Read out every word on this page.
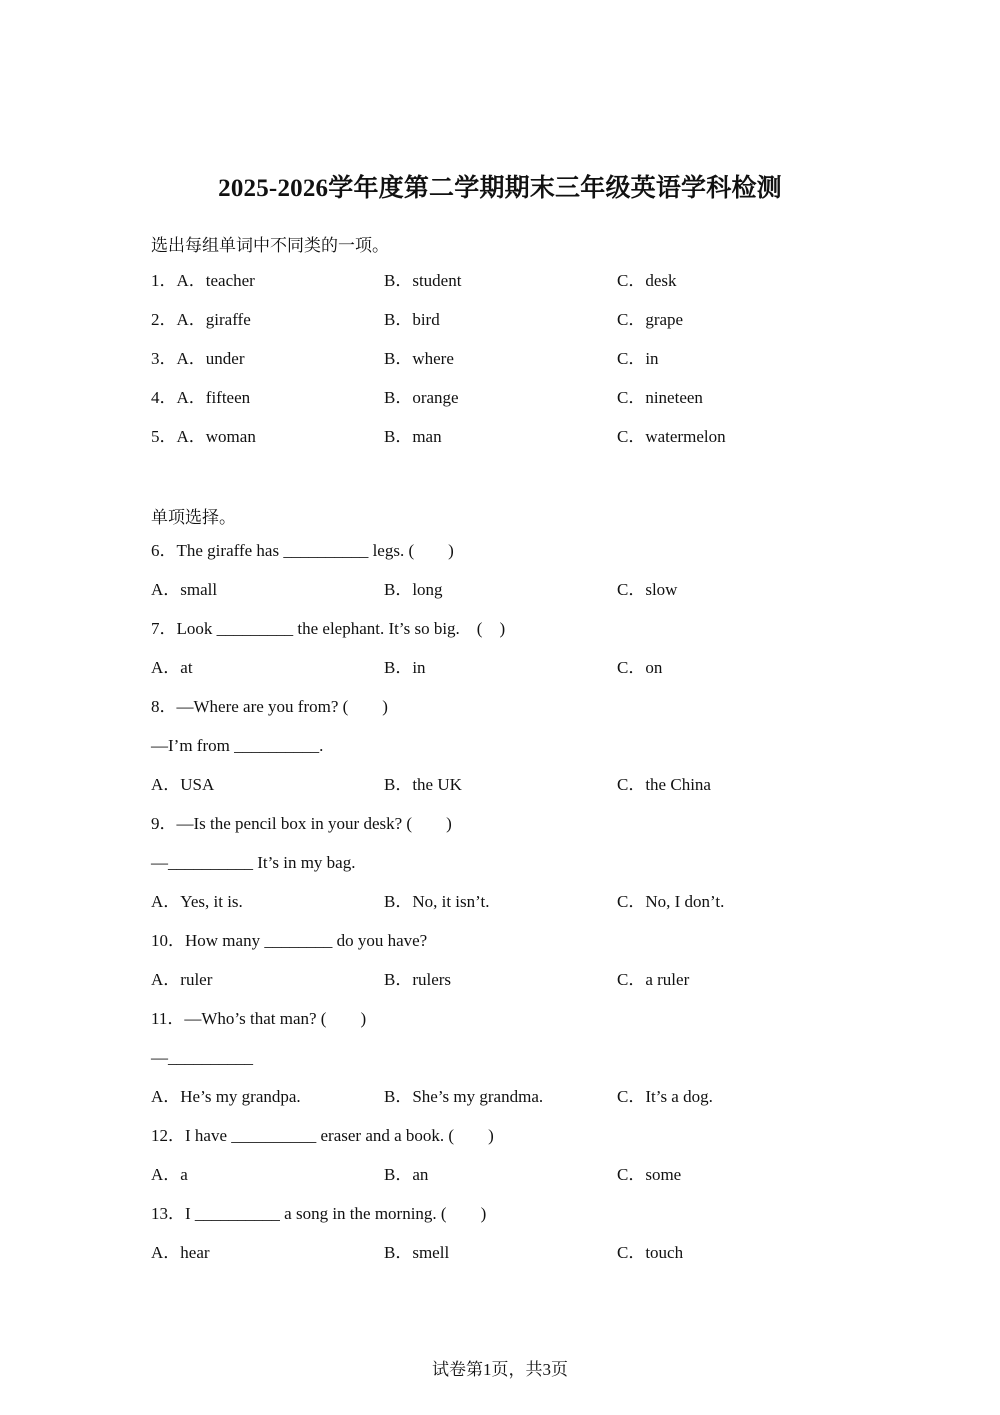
2025-2026学年度第二学期期末三年级英语学科检测
选出每组单词中不同类的一项。
1．A．teacher	B．student	C．desk
2．A．giraffe	B．bird	C．grape
3．A．under	B．where	C．in
4．A．fifteen	B．orange	C．nineteen
5．A．woman	B．man	C．watermelon
单项选择。
6．The giraffe has __________ legs. (　　)
A．small	B．long	C．slow
7．Look _________ the elephant. It’s so big.　(　)
A．at	B．in	C．on
8．—Where are you from? (　　)
—I’m from __________.
A．USA	B．the UK	C．the China
9．—Is the pencil box in your desk? (　　)
—__________ It’s in my bag.
A．Yes, it is.	B．No, it isn’t.	C．No, I don’t.
10．How many ________ do you have?
A．ruler	B．rulers	C．a ruler
11．—Who’s that man? (　　)
—__________
A．He’s my grandpa.	B．She’s my grandma.	C．It’s a dog.
12．I have __________ eraser and a book. (　　)
A．a	B．an	C．some
13．I __________ a song in the morning. (　　)
A．hear	B．smell	C．touch
试卷第1页，共3页
